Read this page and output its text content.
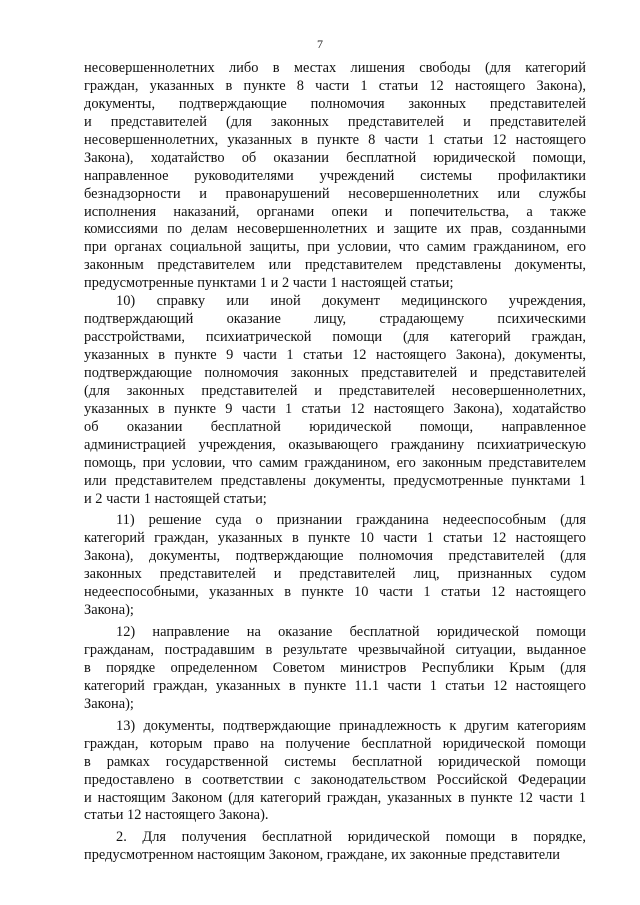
7
несовершеннолетних либо в местах лишения свободы (для категорий
граждан, указанных в пункте 8 части 1 статьи 12 настоящего Закона),
документы, подтверждающие полномочия законных представителей
и представителей (для законных представителей и представителей
несовершеннолетних, указанных в пункте 8 части 1 статьи 12 настоящего
Закона), ходатайство об оказании бесплатной юридической помощи,
направленное руководителями учреждений системы профилактики
безнадзорности и правонарушений несовершеннолетних или службы
исполнения наказаний, органами опеки и попечительства, а также
комиссиями по делам несовершеннолетних и защите их прав, созданными
при органах социальной защиты, при условии, что самим гражданином, его
законным представителем или представителем представлены документы,
предусмотренные пунктами 1 и 2 части 1 настоящей статьи;
10) справку или иной документ медицинского учреждения,
подтверждающий оказание лицу, страдающему психическими
расстройствами, психиатрической помощи (для категорий граждан,
указанных в пункте 9 части 1 статьи 12 настоящего Закона), документы,
подтверждающие полномочия законных представителей и представителей
(для законных представителей и представителей несовершеннолетних,
указанных в пункте 9 части 1 статьи 12 настоящего Закона), ходатайство
об оказании бесплатной юридической помощи, направленное
администрацией учреждения, оказывающего гражданину психиатрическую
помощь, при условии, что самим гражданином, его законным представителем
или представителем представлены документы, предусмотренные пунктами 1
и 2 части 1 настоящей статьи;
11) решение суда о признании гражданина недееспособным (для
категорий граждан, указанных в пункте 10 части 1 статьи 12 настоящего
Закона), документы, подтверждающие полномочия представителей (для
законных представителей и представителей лиц, признанных судом
недееспособными, указанных в пункте 10 части 1 статьи 12 настоящего
Закона);
12) направление на оказание бесплатной юридической помощи
гражданам, пострадавшим в результате чрезвычайной ситуации, выданное
в порядке определенном Советом министров Республики Крым (для
категорий граждан, указанных в пункте 11.1 части 1 статьи 12 настоящего
Закона);
13) документы, подтверждающие принадлежность к другим категориям
граждан, которым право на получение бесплатной юридической помощи
в рамках государственной системы бесплатной юридической помощи
предоставлено в соответствии с законодательством Российской Федерации
и настоящим Законом (для категорий граждан, указанных в пункте 12 части 1
статьи 12 настоящего Закона).
2. Для получения бесплатной юридической помощи в порядке,
предусмотренном настоящим Законом, граждане, их законные представители
